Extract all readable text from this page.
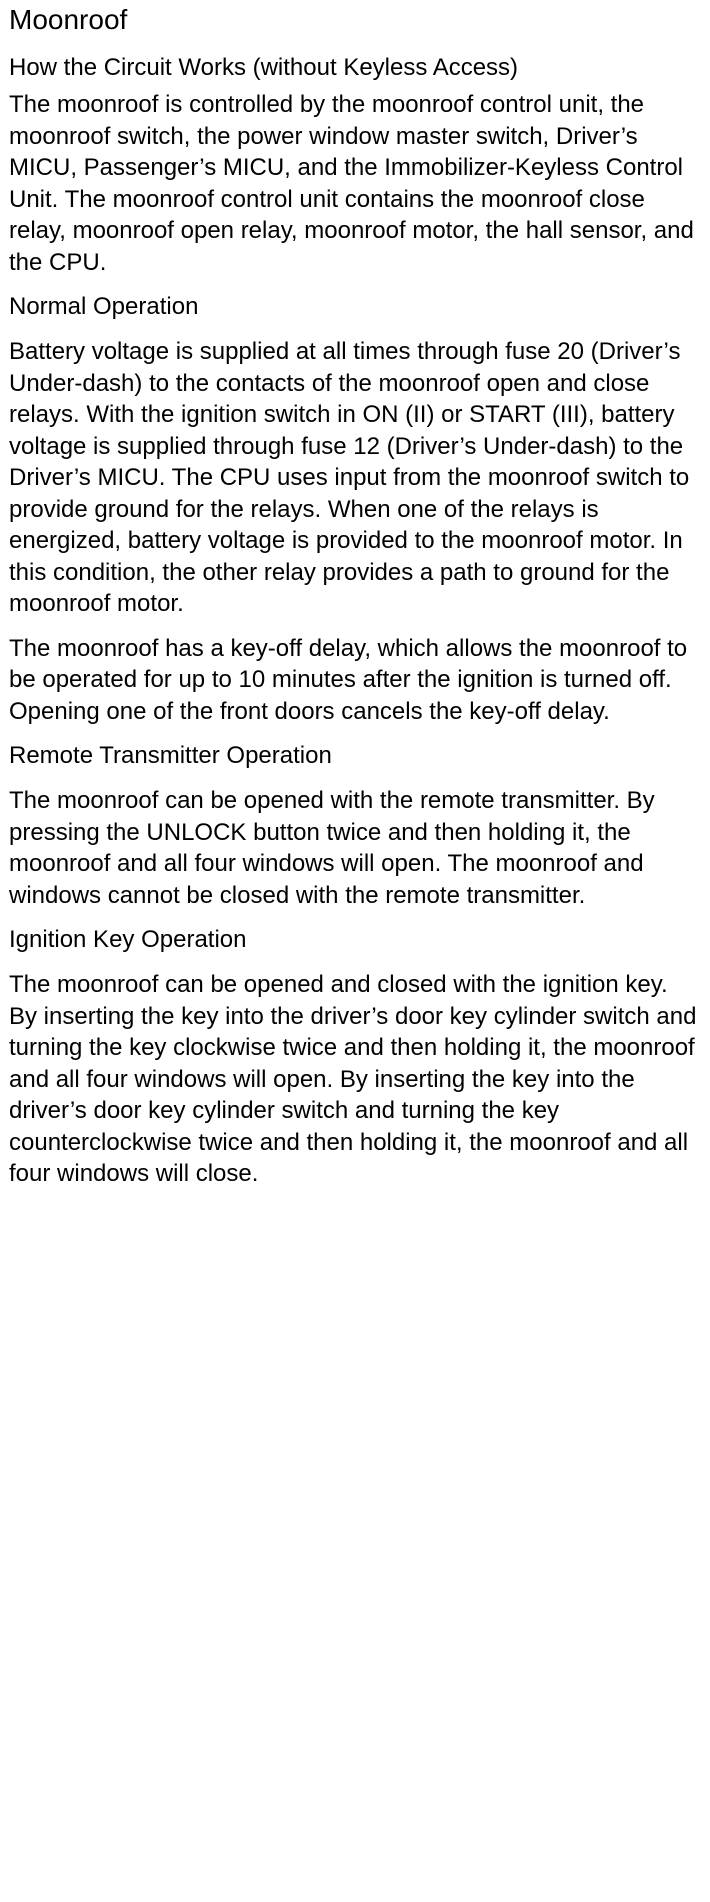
Moonroof
How the Circuit Works (without Keyless Access)

The moonroof is controlled by the moonroof control unit, the moonroof switch, the power window master switch, Driver’s MICU, Passenger’s MICU, and the Immobilizer-Keyless Control Unit. The moonroof control unit contains the moonroof close relay, moonroof open relay, moonroof motor, the hall sensor, and the CPU.

Normal Operation

Battery voltage is supplied at all times through fuse 20 (Driver’s Under-dash) to the contacts of the moonroof open and close relays. With the ignition switch in ON (II) or START (III), battery voltage is supplied through fuse 12 (Driver’s Under-dash) to the Driver’s MICU. The CPU uses input from the moonroof switch to provide ground for the relays. When one of the relays is energized, battery voltage is provided to the moonroof motor. In this condition, the other relay provides a path to ground for the moonroof motor.

The moonroof has a key-off delay, which allows the moonroof to be operated for up to 10 minutes after the ignition is turned off. Opening one of the front doors cancels the key-off delay.

Remote Transmitter Operation

The moonroof can be opened with the remote transmitter. By pressing the UNLOCK button twice and then holding it, the moonroof and all four windows will open. The moonroof and windows cannot be closed with the remote transmitter.

Ignition Key Operation

The moonroof can be opened and closed with the ignition key. By inserting the key into the driver’s door key cylinder switch and turning the key clockwise twice and then holding it, the moonroof and all four windows will open. By inserting the key into the driver’s door key cylinder switch and turning the key counterclockwise twice and then holding it, the moonroof and all four windows will close.
